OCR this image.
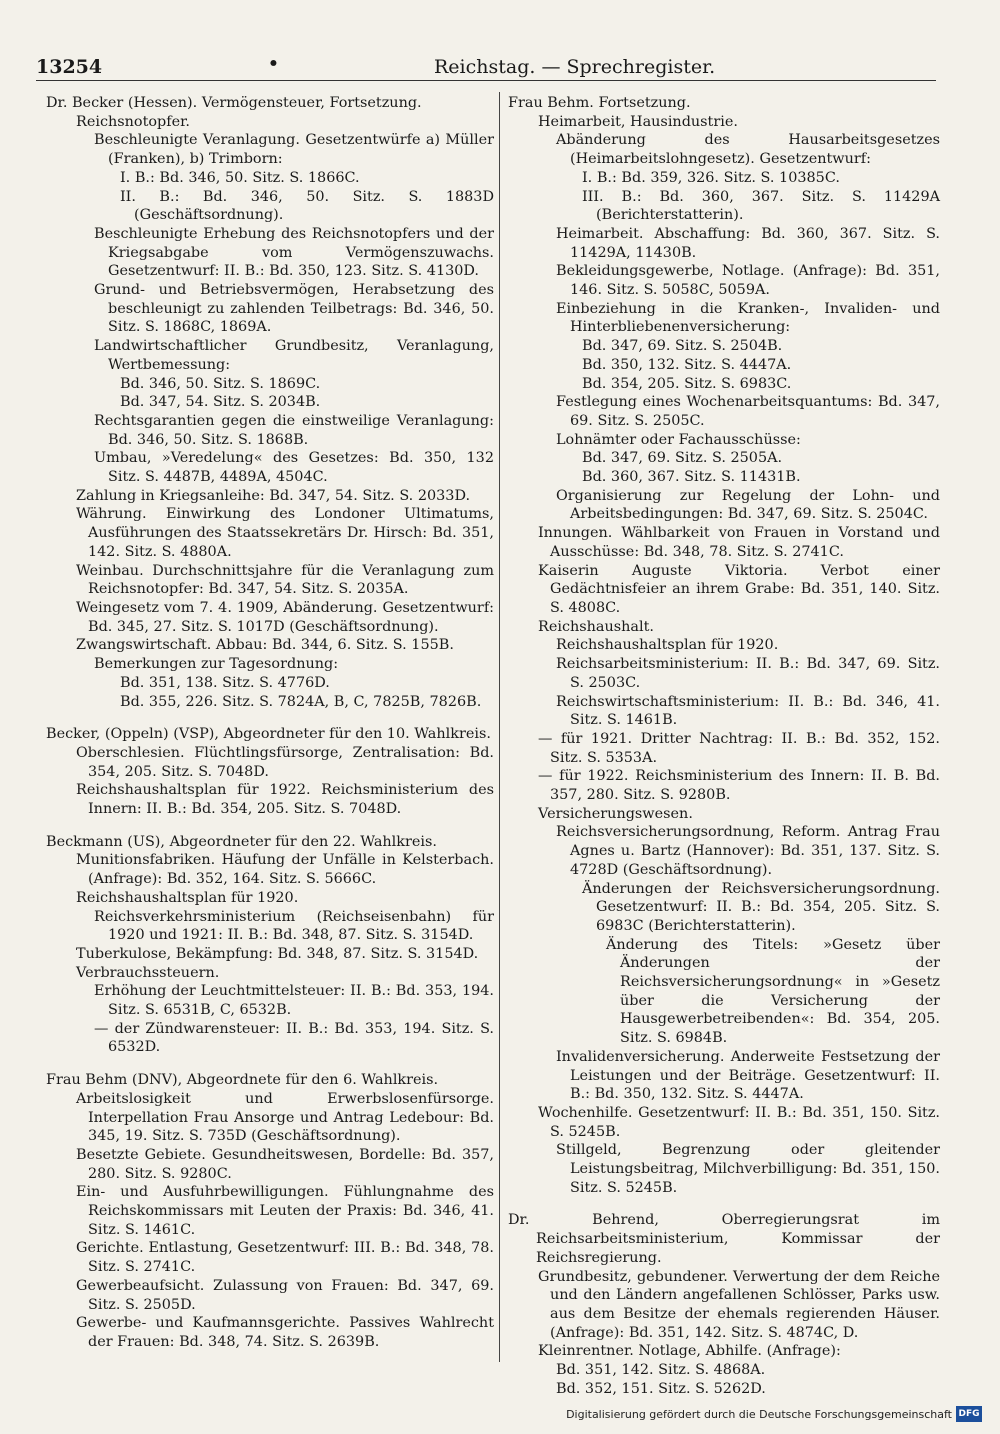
13254	•	Reichstag. — Sprechregister.

Dr. Becker (Hessen). Vermögensteuer, Fortsetzung.

Reichsnotopfer.

Beschleunigte Veranlagung. Gesetzentwürfe a) Müller (Franken), b) Trimborn:

I. B.: Bd. 346, 50. Sitz. S. 1866C.

II. B.: Bd. 346, 50. Sitz. S. 1883D (Geschäftsordnung).

Beschleunigte Erhebung des Reichsnotopfers und der Kriegsabgabe vom Vermögenszuwachs. Gesetzentwurf: II. B.: Bd. 350, 123. Sitz. S. 4130D.

Grund- und Betriebsvermögen, Herabsetzung des beschleunigt zu zahlenden Teilbetrags: Bd. 346, 50. Sitz. S. 1868C, 1869A.

Landwirtschaftlicher Grundbesitz, Veranlagung, Wertbemessung:

Bd. 346, 50. Sitz. S. 1869C.

Bd. 347, 54. Sitz. S. 2034B.

Rechtsgarantien gegen die einstweilige Veranlagung: Bd. 346, 50. Sitz. S. 1868B.

Umbau, »Veredelung« des Gesetzes: Bd. 350, 132 Sitz. S. 4487B, 4489A, 4504C.

Zahlung in Kriegsanleihe: Bd. 347, 54. Sitz. S. 2033D.

Währung. Einwirkung des Londoner Ultimatums, Ausführungen des Staatssekretärs Dr. Hirsch: Bd. 351, 142. Sitz. S. 4880A.

Weinbau. Durchschnittsjahre für die Veranlagung zum Reichsnotopfer: Bd. 347, 54. Sitz. S. 2035A.

Weingesetz vom 7. 4. 1909, Abänderung. Gesetzentwurf: Bd. 345, 27. Sitz. S. 1017D (Geschäftsordnung).

Zwangswirtschaft. Abbau: Bd. 344, 6. Sitz. S. 155B.

Bemerkungen zur Tagesordnung:

Bd. 351, 138. Sitz. S. 4776D.

Bd. 355, 226. Sitz. S. 7824A, B, C, 7825B, 7826B.

Becker, (Oppeln) (VSP), Abgeordneter für den 10. Wahlkreis.

Oberschlesien. Flüchtlingsfürsorge, Zentralisation: Bd. 354, 205. Sitz. S. 7048D.

Reichshaushaltsplan für 1922. Reichsministerium des Innern: II. B.: Bd. 354, 205. Sitz. S. 7048D.

Beckmann (US), Abgeordneter für den 22. Wahlkreis.

Munitionsfabriken. Häufung der Unfälle in Kelsterbach. (Anfrage): Bd. 352, 164. Sitz. S. 5666C.

Reichshaushaltsplan für 1920.

Reichsverkehrsministerium (Reichseisenbahn) für 1920 und 1921: II. B.: Bd. 348, 87. Sitz. S. 3154D.

Tuberkulose, Bekämpfung: Bd. 348, 87. Sitz. S. 3154D.

Verbrauchssteuern.

Erhöhung der Leuchtmittelsteuer: II. B.: Bd. 353, 194. Sitz. S. 6531B, C, 6532B.

— der Zündwarensteuer: II. B.: Bd. 353, 194. Sitz. S. 6532D.

Frau Behm (DNV), Abgeordnete für den 6. Wahlkreis.

Arbeitslosigkeit und Erwerbslosenfürsorge. Interpellation Frau Ansorge und Antrag Ledebour: Bd. 345, 19. Sitz. S. 735D (Geschäftsordnung).

Besetzte Gebiete. Gesundheitswesen, Bordelle: Bd. 357, 280. Sitz. S. 9280C.

Ein- und Ausfuhrbewilligungen. Fühlungnahme des Reichskommissars mit Leuten der Praxis: Bd. 346, 41. Sitz. S. 1461C.

Gerichte. Entlastung, Gesetzentwurf: III. B.: Bd. 348, 78. Sitz. S. 2741C.

Gewerbeaufsicht. Zulassung von Frauen: Bd. 347, 69. Sitz. S. 2505D.

Gewerbe- und Kaufmannsgerichte. Passives Wahlrecht der Frauen: Bd. 348, 74. Sitz. S. 2639B.

Frau Behm. Fortsetzung.

Heimarbeit, Hausindustrie.

Abänderung des Hausarbeitsgesetzes (Heimarbeitslohngesetz). Gesetzentwurf:

I. B.: Bd. 359, 326. Sitz. S. 10385C.

III. B.: Bd. 360, 367. Sitz. S. 11429A (Berichterstatterin).

Heimarbeit. Abschaffung: Bd. 360, 367. Sitz. S. 11429A, 11430B.

Bekleidungsgewerbe, Notlage. (Anfrage): Bd. 351, 146. Sitz. S. 5058C, 5059A.

Einbeziehung in die Kranken-, Invaliden- und Hinterbliebenenversicherung:

Bd. 347, 69. Sitz. S. 2504B.

Bd. 350, 132. Sitz. S. 4447A.

Bd. 354, 205. Sitz. S. 6983C.

Festlegung eines Wochenarbeitsquantums: Bd. 347, 69. Sitz. S. 2505C.

Lohnämter oder Fachausschüsse:

Bd. 347, 69. Sitz. S. 2505A.

Bd. 360, 367. Sitz. S. 11431B.

Organisierung zur Regelung der Lohn- und Arbeitsbedingungen: Bd. 347, 69. Sitz. S. 2504C.

Innungen. Wählbarkeit von Frauen in Vorstand und Ausschüsse: Bd. 348, 78. Sitz. S. 2741C.

Kaiserin Auguste Viktoria. Verbot einer Gedächtnisfeier an ihrem Grabe: Bd. 351, 140. Sitz. S. 4808C.

Reichshaushalt.

Reichshaushaltsplan für 1920.

Reichsarbeitsministerium: II. B.: Bd. 347, 69. Sitz. S. 2503C.

Reichswirtschaftsministerium: II. B.: Bd. 346, 41. Sitz. S. 1461B.

— für 1921. Dritter Nachtrag: II. B.: Bd. 352, 152. Sitz. S. 5353A.

— für 1922. Reichsministerium des Innern: II. B. Bd. 357, 280. Sitz. S. 9280B.

Versicherungswesen.

Reichsversicherungsordnung, Reform. Antrag Frau Agnes u. Bartz (Hannover): Bd. 351, 137. Sitz. S. 4728D (Geschäftsordnung).

Änderungen der Reichsversicherungsordnung. Gesetzentwurf: II. B.: Bd. 354, 205. Sitz. S. 6983C (Berichterstatterin).

Änderung des Titels: »Gesetz über Änderungen der Reichsversicherungsordnung« in »Gesetz über die Versicherung der Hausgewerbetreibenden«: Bd. 354, 205. Sitz. S. 6984B.

Invalidenversicherung. Anderweite Festsetzung der Leistungen und der Beiträge. Gesetzentwurf: II. B.: Bd. 350, 132. Sitz. S. 4447A.

Wochenhilfe. Gesetzentwurf: II. B.: Bd. 351, 150. Sitz. S. 5245B.

Stillgeld, Begrenzung oder gleitender Leistungsbeitrag, Milchverbilligung: Bd. 351, 150. Sitz. S. 5245B.

Dr. Behrend, Oberregierungsrat im Reichsarbeitsministerium, Kommissar der Reichsregierung.

Grundbesitz, gebundener. Verwertung der dem Reiche und den Ländern angefallenen Schlösser, Parks usw. aus dem Besitze der ehemals regierenden Häuser. (Anfrage): Bd. 351, 142. Sitz. S. 4874C, D.

Kleinrentner. Notlage, Abhilfe. (Anfrage):

Bd. 351, 142. Sitz. S. 4868A.

Bd. 352, 151. Sitz. S. 5262D.

Digitalisierung gefördert durch die Deutsche Forschungsgemeinschaft DFG
